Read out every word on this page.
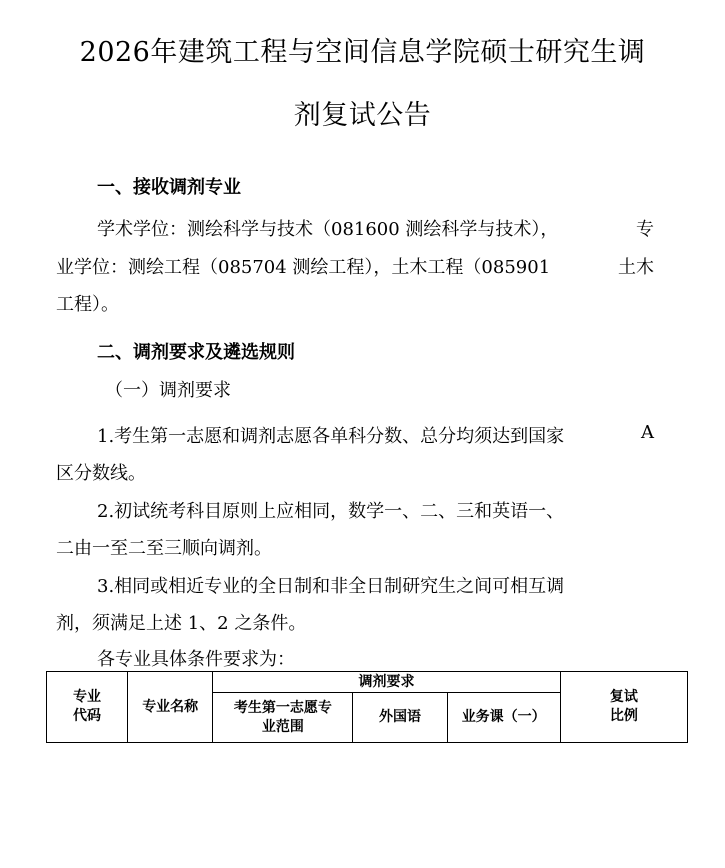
2026年建筑工程与空间信息学院硕士研究生调
剂复试公告
一、接收调剂专业
学术学位：测绘科学与技术（081600 测绘科学与技术），	专
业学位：测绘工程（085704 测绘工程），土木工程（085901	土木
工程）。
二、调剂要求及遴选规则
（一）调剂要求
1.考生第一志愿和调剂志愿各单科分数、总分均须达到国家	A
区分数线。
2.初试统考科目原则上应相同，数学一、二、三和英语一、
二由一至二至三顺向调剂。
3.相同或相近专业的全日制和非全日制研究生之间可相互调
剂，须满足上述 1、2 之条件。
各专业具体条件要求为：
专业代码	专业名称	调剂要求			复试比例

		考生第一志愿专业范围	外国语	业务课（一）	
